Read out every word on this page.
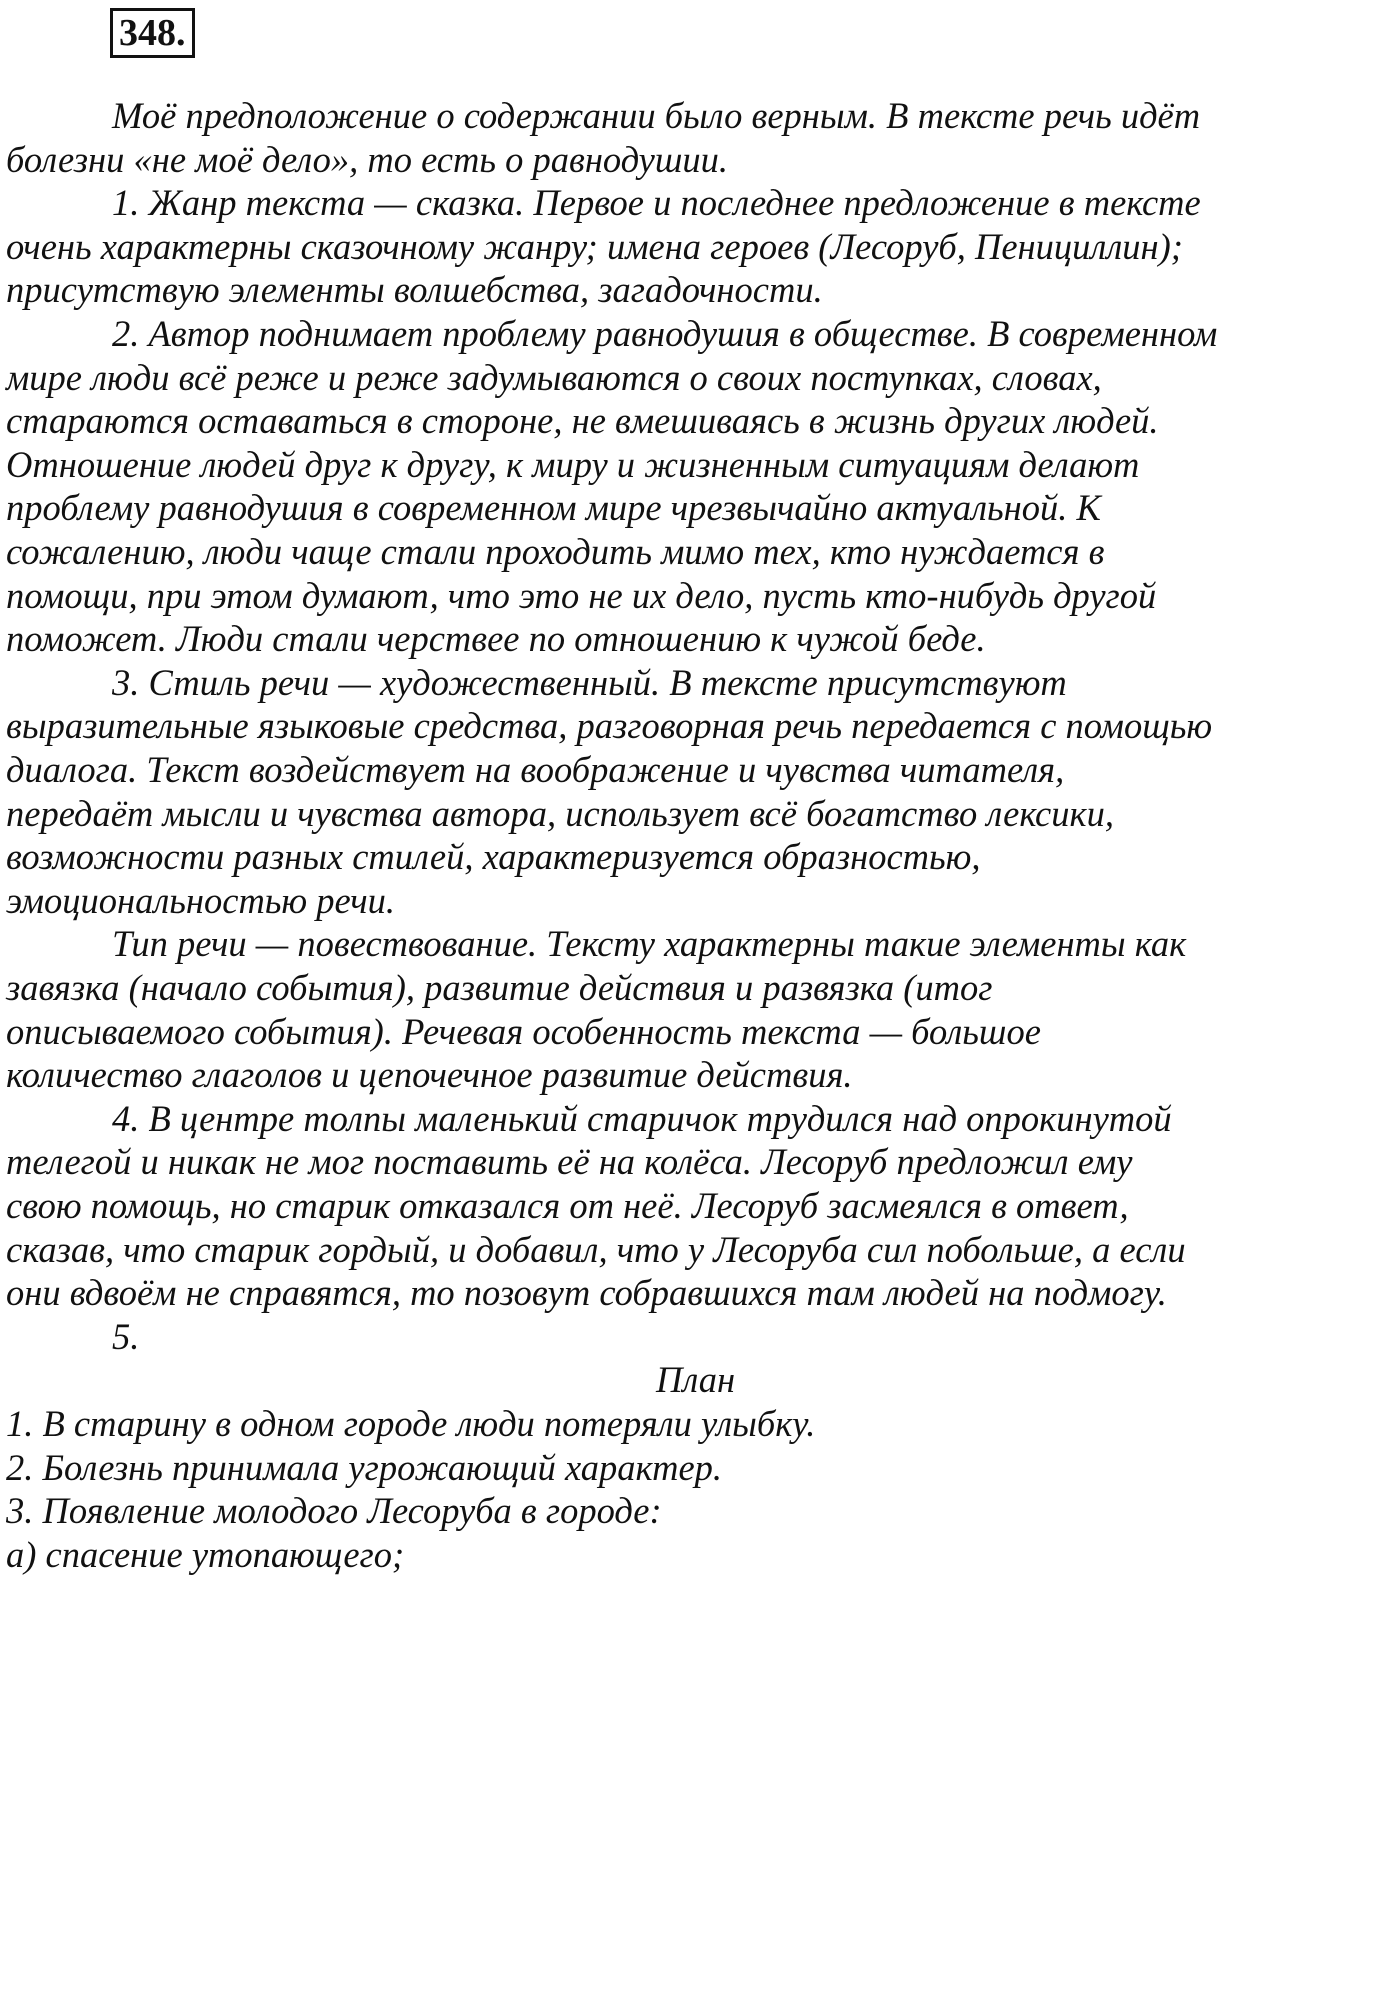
348.
Моё предположение о содержании было верным. В тексте речь идёт
болезни «не моё дело», то есть о равнодушии.
1. Жанр текста — сказка. Первое и последнее предложение в тексте
очень характерны сказочному жанру; имена героев (Лесоруб, Пенициллин);
присутствую элементы волшебства, загадочности.
2. Автор поднимает проблему равнодушия в обществе. В современном
мире люди всё реже и реже задумываются о своих поступках, словах,
стараются оставаться в стороне, не вмешиваясь в жизнь других людей.
Отношение людей друг к другу, к миру и жизненным ситуациям делают
проблему равнодушия в современном мире чрезвычайно актуальной. К
сожалению, люди чаще стали проходить мимо тех, кто нуждается в
помощи, при этом думают, что это не их дело, пусть кто-нибудь другой
поможет. Люди стали черствее по отношению к чужой беде.
3. Стиль речи — художественный. В тексте присутствуют
выразительные языковые средства, разговорная речь передается с помощью
диалога. Текст воздействует на воображение и чувства читателя,
передаёт мысли и чувства автора, использует всё богатство лексики,
возможности разных стилей, характеризуется образностью,
эмоциональностью речи.
Тип речи — повествование. Тексту характерны такие элементы как
завязка (начало события), развитие действия и развязка (итог
описываемого события). Речевая особенность текста — большое
количество глаголов и цепочечное развитие действия.
4. В центре толпы маленький старичок трудился над опрокинутой
телегой и никак не мог поставить её на колёса. Лесоруб предложил ему
свою помощь, но старик отказался от неё. Лесоруб засмеялся в ответ,
сказав, что старик гордый, и добавил, что у Лесоруба сил побольше, а если
они вдвоём не справятся, то позовут собравшихся там людей на подмогу.
5.
План
1. В старину в одном городе люди потеряли улыбку.
2. Болезнь принимала угрожающий характер.
3. Появление молодого Лесоруба в городе:
а) спасение утопающего;
